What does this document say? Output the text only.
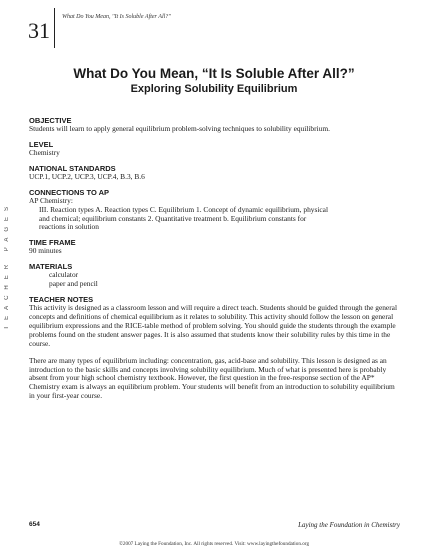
31
What Do You Mean, ''It Is Soluble After All?''
TEACHER PAGES
What Do You Mean, “It Is Soluble After All?”
Exploring Solubility Equilibrium
OBJECTIVE
Students will learn to apply general equilibrium problem-solving techniques to solubility equilibrium.
LEVEL
Chemistry
NATIONAL STANDARDS
UCP.1, UCP.2, UCP.3, UCP.4, B.3, B.6
CONNECTIONS TO AP
AP Chemistry:
III. Reaction types A. Reaction types C. Equilibrium 1. Concept of dynamic equilibrium, physical
and chemical; equilibrium constants 2. Quantitative treatment b. Equilibrium constants for
reactions in solution
TIME FRAME
90 minutes
MATERIALS
calculator
paper and pencil
TEACHER NOTES
This activity is designed as a classroom lesson and will require a direct teach. Students should be guided through the general concepts and definitions of chemical equilibrium as it relates to solubility. This activity should follow the lesson on general equilibrium expressions and the RICE-table method of problem solving. You should guide the students through the example problems found on the student answer pages. It is also assumed that students know their solubility rules by this time in the course.
There are many types of equilibrium including: concentration, gas, acid-base and solubility. This lesson is designed as an introduction to the basic skills and concepts involving solubility equilibrium. Much of what is presented here is probably absent from your high school chemistry textbook. However, the first question in the free-response section of the AP* Chemistry exam is always an equilibrium problem. Your students will benefit from an introduction to solubility equilibrium in your first-year course.
654	Laying the Foundation in Chemistry
©2007 Laying the Foundation, Inc. All rights reserved. Visit: www.layingthefoundation.org
